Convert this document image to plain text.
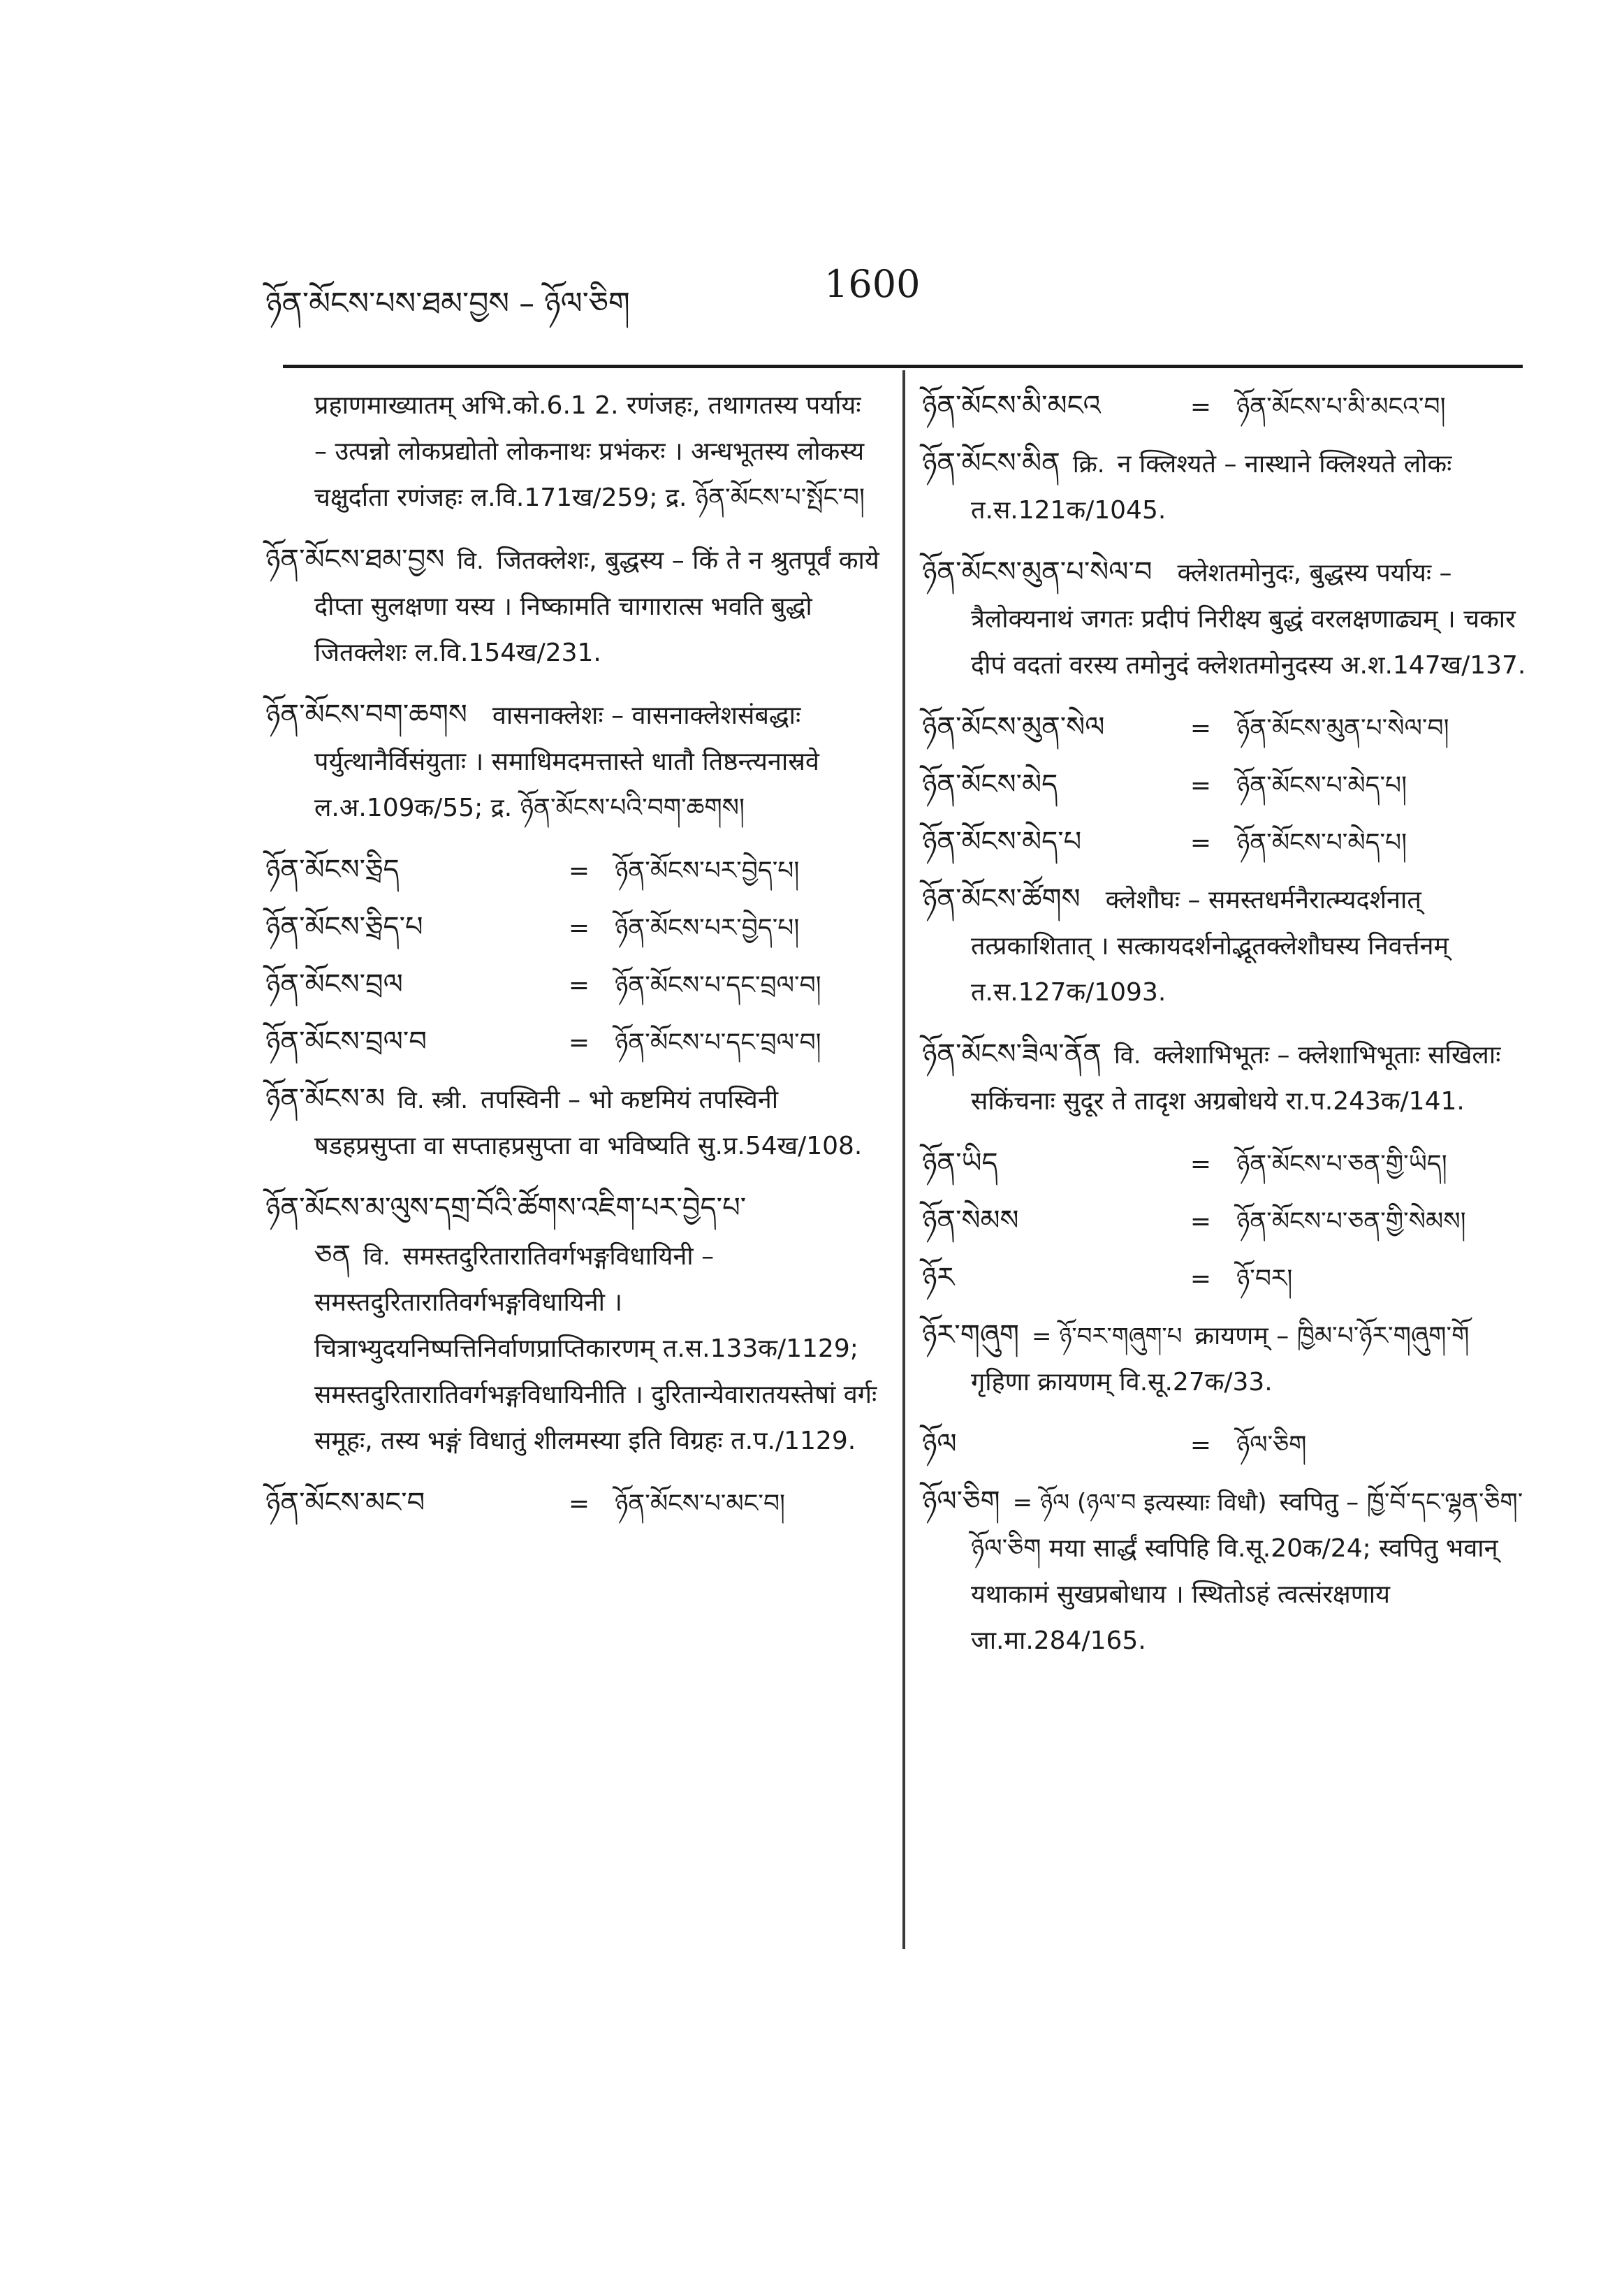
ཉོན་མོངས་པས་ཐམ་བྱས – ཉོལ་ཅིག	1600
प्रहाणमाख्यातम् अभि.को.6.1 2. रणंजहः, तथागतस्य पर्यायः – उत्पन्नो लोकप्रद्योतो लोकनाथः प्रभंकरः । अन्धभूतस्य लोकस्य चक्षुर्दाता रणंजहः ल.वि.171ख/259; द्र. ཉོན་མོངས་པ་སྤོང་བ།
ཉོན་མོངས་ཐམ་བྱས वि. जितक्लेशः, बुद्धस्य – किं ते न श्रुतपूर्वं काये दीप्ता सुलक्षणा यस्य । निष्कामति चागारात्स भवति बुद्धो जितक्लेशः ल.वि.154ख/231.
ཉོན་མོངས་བག་ཆགས वासनाक्लेशः – वासनाक्लेशसंबद्धाः पर्युत्थानैर्विसंयुताः । समाधिमदमत्तास्ते धातौ तिष्ठन्त्यनास्रवे ल.अ.109क/55; द्र. ཉོན་མོངས་པའི་བག་ཆགས།
ཉོན་མོངས་ཅྲིད	= ཉོན་མོངས་པར་བྱེད་པ།
ཉོན་མོངས་ཅྲིད་པ	= ཉོན་མོངས་པར་བྱེད་པ།
ཉོན་མོངས་བྲལ	= ཉོན་མོངས་པ་དང་བྲལ་བ།
ཉོན་མོངས་བྲལ་བ	= ཉོན་མོངས་པ་དང་བྲལ་བ།
ཉོན་མོངས་མ वि. स्त्री. तपस्विनी – भो कष्टमियं तपस्विनी षडहप्रसुप्ता वा सप्ताहप्रसुप्ता वा भविष्यति सु.प्र.54ख/108.
ཉོན་མོངས་མ་ལུས་དགྲ་བོའི་ཚོགས་འཇིག་པར་བྱེད་པ་ཅན वि. समस्तदुरितारातिवर्गभङ्गविधायिनी – समस्तदुरितारातिवर्गभङ्गविधायिनी । चित्राभ्युदयनिष्पत्तिनिर्वाणप्राप्तिकारणम् त.स.133क/1129; समस्तदुरितारातिवर्गभङ्गविधायिनीति । दुरितान्येवारातयस्तेषां वर्गः समूहः, तस्य भङ्गं विधातुं शीलमस्या इति विग्रहः त.प./1129.
ཉོན་མོངས་མང་བ	= ཉོན་མོངས་པ་མང་བ།
ཉོན་མོངས་མི་མངའ	= ཉོན་མོངས་པ་མི་མངའ་བ།
ཉོན་མོངས་མིན क्रि. न क्लिश्यते – नास्थाने क्लिश्यते लोकः त.स.121क/1045.
ཉོན་མོངས་མུན་པ་སེལ་བ क्लेशतमोनुदः, बुद्धस्य पर्यायः – त्रैलोक्यनाथं जगतः प्रदीपं निरीक्ष्य बुद्धं वरलक्षणाढ्यम् । चकार दीपं वदतां वरस्य तमोनुदं क्लेशतमोनुदस्य अ.श.147ख/137.
ཉོན་མོངས་མུན་སེལ	= ཉོན་མོངས་མུན་པ་སེལ་བ།
ཉོན་མོངས་མེད	= ཉོན་མོངས་པ་མེད་པ།
ཉོན་མོངས་མེད་པ	= ཉོན་མོངས་པ་མེད་པ།
ཉོན་མོངས་ཚོགས क्लेशौघः – समस्तधर्मनैरात्म्यदर्शनात् तत्प्रकाशितात् । सत्कायदर्शनोद्भूतक्लेशौघस्य निवर्त्तनम् त.स.127क/1093.
ཉོན་མོངས་ཟིལ་ནོན वि. क्लेशाभिभूतः – क्लेशाभिभूताः सखिलाः सकिंचनाः सुदूर ते तादृश अग्रबोधये रा.प.243क/141.
ཉོན་ཡིད	= ཉོན་མོངས་པ་ཅན་གྱི་ཡིད།
ཉོན་སེམས	= ཉོན་མོངས་པ་ཅན་གྱི་སེམས།
ཉོར	= ཉོ་བར།
ཉོར་གཞུག = ཉོ་བར་གཞུག་པ क्रायणम् – ཁྱིམ་པ་ཉོར་གཞུག་གོ गृहिणा क्रायणम् वि.सू.27क/33.
ཉོལ	= ཉོལ་ཅིག
ཉོལ་ཅིག = ཉོལ (ཉལ་བ इत्यस्याः विधौ) स्वपितु – ཁྱོ་བོ་དང་ལྷན་ཅིག་ཉོལ་ཅིག मया सार्द्धं स्वपिहि वि.सू.20क/24; स्वपितु भवान् यथाकामं सुखप्रबोधाय । स्थितोऽहं त्वत्संरक्षणाय जा.मा.284/165.
